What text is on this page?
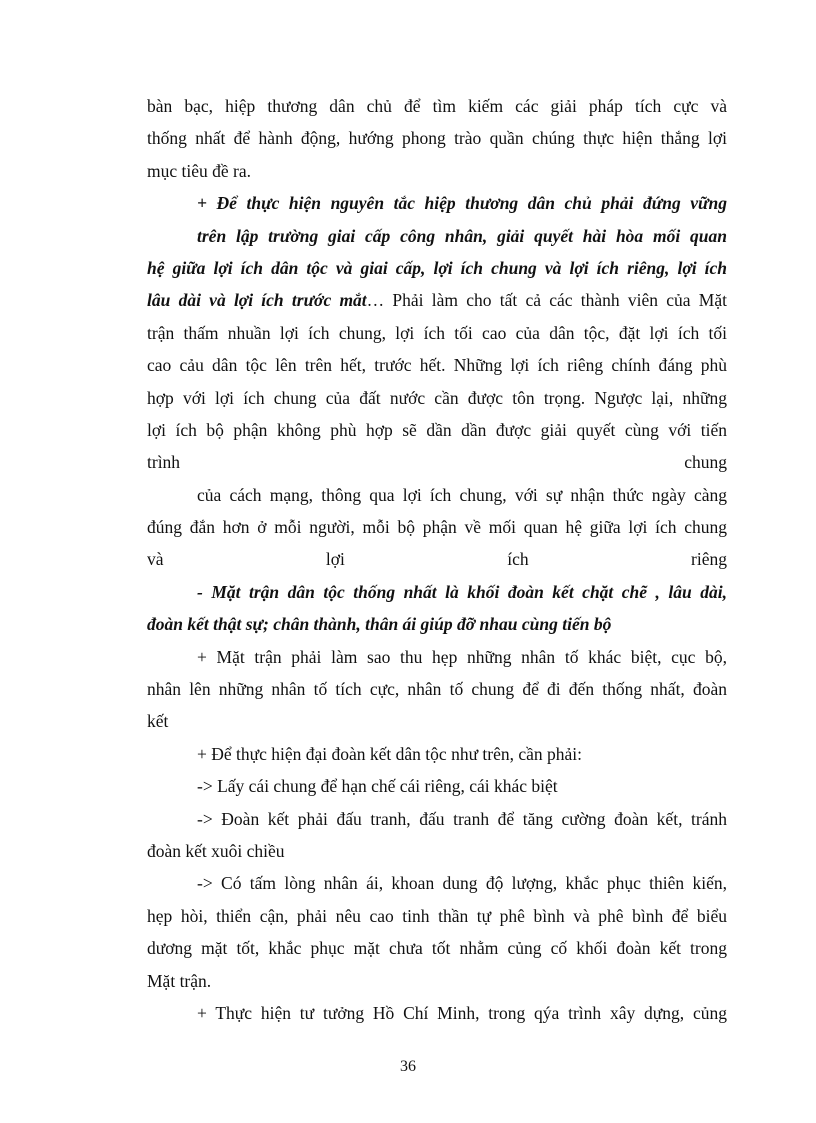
bàn bạc, hiệp thương dân chủ để tìm kiếm các giải pháp tích cực và
thống nhất để hành động, hướng phong trào quần chúng thực hiện thắng lợi
mục tiêu đề ra.
+ Để thực hiện nguyên tắc hiệp thương dân chủ phải đứng vững
trên lập trường giai cấp công nhân, giải quyết hài hòa mối quan
hệ giữa lợi ích dân tộc và giai cấp, lợi ích chung và lợi ích riêng, lợi ích
lâu dài và lợi ích trước mắt… Phải làm cho tất cả các thành viên của Mặt
trận thấm nhuần lợi ích chung, lợi ích tối cao của dân tộc, đặt lợi ích tối
cao cảu dân tộc lên trên hết, trước hết. Những lợi ích riêng chính đáng phù
hợp với lợi ích chung của đất nước cần được tôn trọng. Ngược lại, những
lợi ích bộ phận không phù hợp sẽ dần dần được giải quyết cùng với tiến
trình	chung
của cách mạng, thông qua lợi ích chung, với sự nhận thức ngày càng
đúng đắn hơn ở mỗi người, mỗi bộ phận về mối quan hệ giữa lợi ích chung
và	lợi	ích	riêng
- Mặt trận dân tộc thống nhất là khối đoàn kết chặt chẽ , lâu dài,
đoàn kết thật sự; chân thành, thân ái giúp đỡ nhau cùng tiến bộ
+ Mặt trận phải làm sao thu hẹp những nhân tố khác biệt, cục bộ,
nhân lên những nhân tố tích cực, nhân tố chung để đi đến thống nhất, đoàn
kết
+ Để thực hiện đại đoàn kết dân tộc như trên, cần phải:
-> Lấy cái chung để hạn chế cái riêng, cái khác biệt
-> Đoàn kết phải đấu tranh, đấu tranh để tăng cường đoàn kết, tránh
đoàn kết xuôi chiều
-> Có tấm lòng nhân ái, khoan dung độ lượng, khắc phục thiên kiến,
hẹp hòi, thiển cận, phải nêu cao tinh thần tự phê bình và phê bình để biểu
dương mặt tốt, khắc phục mặt chưa tốt nhằm củng cố khối đoàn kết trong
Mặt trận.
+ Thực hiện tư tưởng Hồ Chí Minh, trong qýa trình xây dựng, củng
36
